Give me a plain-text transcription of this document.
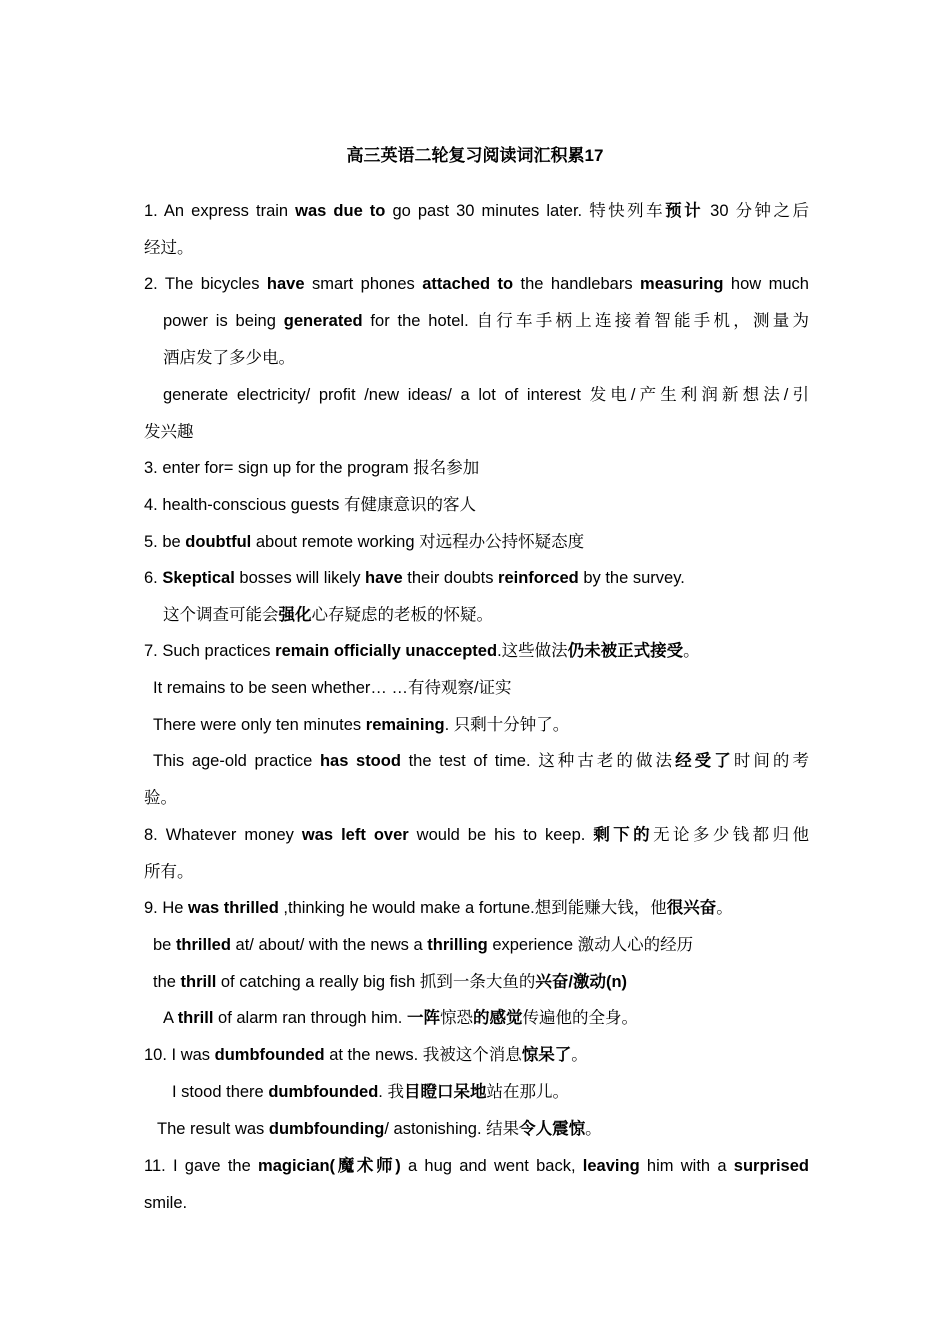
高三英语二轮复习阅读词汇积累17
1. An express train was due to go past 30 minutes later. 特快列车预计 30 分钟之后
经过。
2. The bicycles have smart phones attached to the handlebars measuring how much
power is being generated for the hotel. 自行车手柄上连接着智能手机，测量为
酒店发了多少电。
generate electricity/ profit /new ideas/ a lot of interest 发电/产生利润新想法/引
发兴趣
3. enter for= sign up for the program 报名参加
4. health-conscious guests 有健康意识的客人
5. be doubtful about remote working 对远程办公持怀疑态度
6. Skeptical bosses will likely have their doubts reinforced by the survey.
这个调查可能会强化心存疑虑的老板的怀疑。
7. Such practices remain officially unaccepted.这些做法仍未被正式接受。
It remains to be seen whether… …有待观察/证实
There were only ten minutes remaining. 只剩十分钟了。
This age-old practice has stood the test of time. 这种古老的做法经受了时间的考
验。
8. Whatever money was left over would be his to keep. 剩下的无论多少钱都归他
所有。
9. He was thrilled ,thinking he would make a fortune.想到能赚大钱，他很兴奋。
be thrilled at/ about/ with the news a thrilling experience 激动人心的经历
the thrill of catching a really big fish 抓到一条大鱼的兴奋/激动(n)
A thrill of alarm ran through him. 一阵惊恐的感觉传遍他的全身。
10. I was dumbfounded at the news. 我被这个消息惊呆了。
I stood there dumbfounded. 我目瞪口呆地站在那儿。
The result was dumbfounding/ astonishing. 结果令人震惊。
11. I gave the magician(魔术师) a hug and went back, leaving him with a surprised
smile.
